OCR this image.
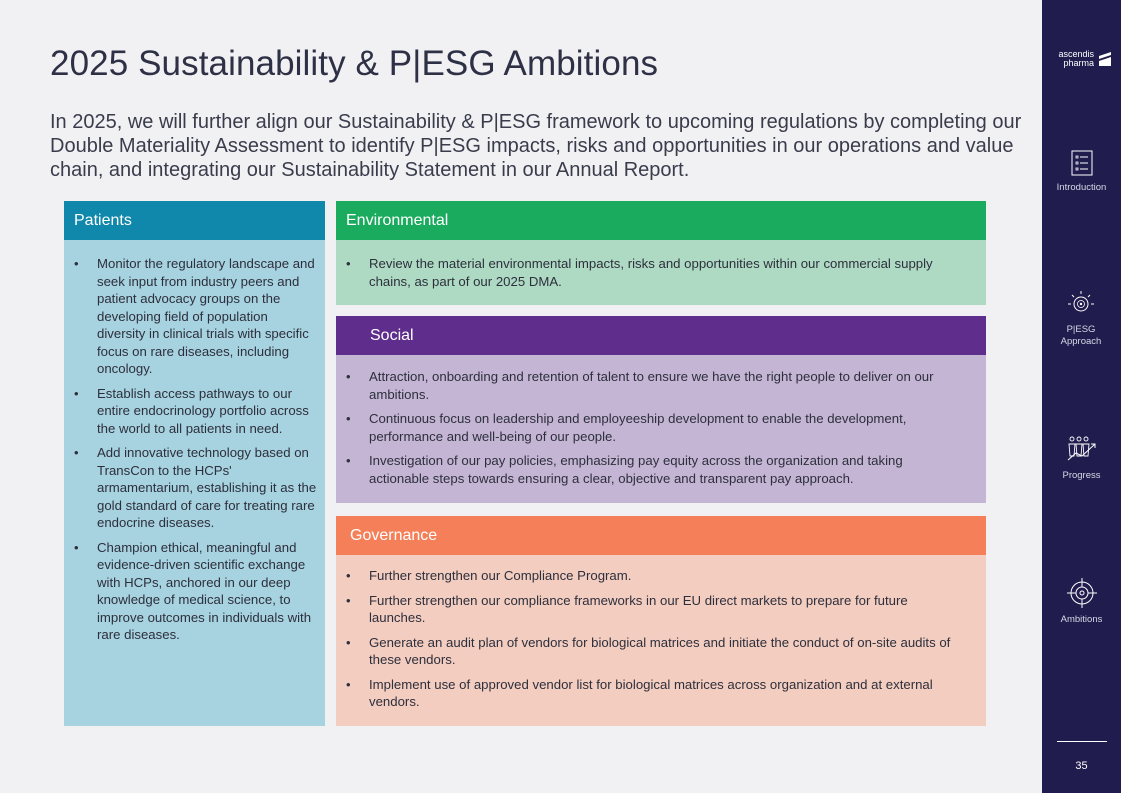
2025 Sustainability & P|ESG Ambitions

In 2025, we will further align our Sustainability & P|ESG framework to upcoming regulations by completing our Double Materiality Assessment to identify P|ESG impacts, risks and opportunities in our operations and value chain, and integrating our Sustainability Statement in our Annual Report.

Patients
• Monitor the regulatory landscape and seek input from industry peers and patient advocacy groups on the developing field of population diversity in clinical trials with specific focus on rare diseases, including oncology.
• Establish access pathways to our entire endocrinology portfolio across the world to all patients in need.
• Add innovative technology based on TransCon to the HCPs' armamentarium, establishing it as the gold standard of care for treating rare endocrine diseases.
• Champion ethical, meaningful and evidence-driven scientific exchange with HCPs, anchored in our deep knowledge of medical science, to improve outcomes in individuals with rare diseases.
Environmental
• Review the material environmental impacts, risks and opportunities within our commercial supply chains, as part of our 2025 DMA.
Social
• Attraction, onboarding and retention of talent to ensure we have the right people to deliver on our ambitions.
• Continuous focus on leadership and employeeship development to enable the development, performance and well-being of our people.
• Investigation of our pay policies, emphasizing pay equity across the organization and taking actionable steps towards ensuring a clear, objective and transparent pay approach.
Governance
• Further strengthen our Compliance Program.
• Further strengthen our compliance frameworks in our EU direct markets to prepare for future launches.
• Generate an audit plan of vendors for biological matrices and initiate the conduct of on-site audits of these vendors.
• Implement use of approved vendor list for biological matrices across organization and at external vendors.
ascendis
pharma
Introduction
P|ESG Approach
Progress
Ambitions
35
